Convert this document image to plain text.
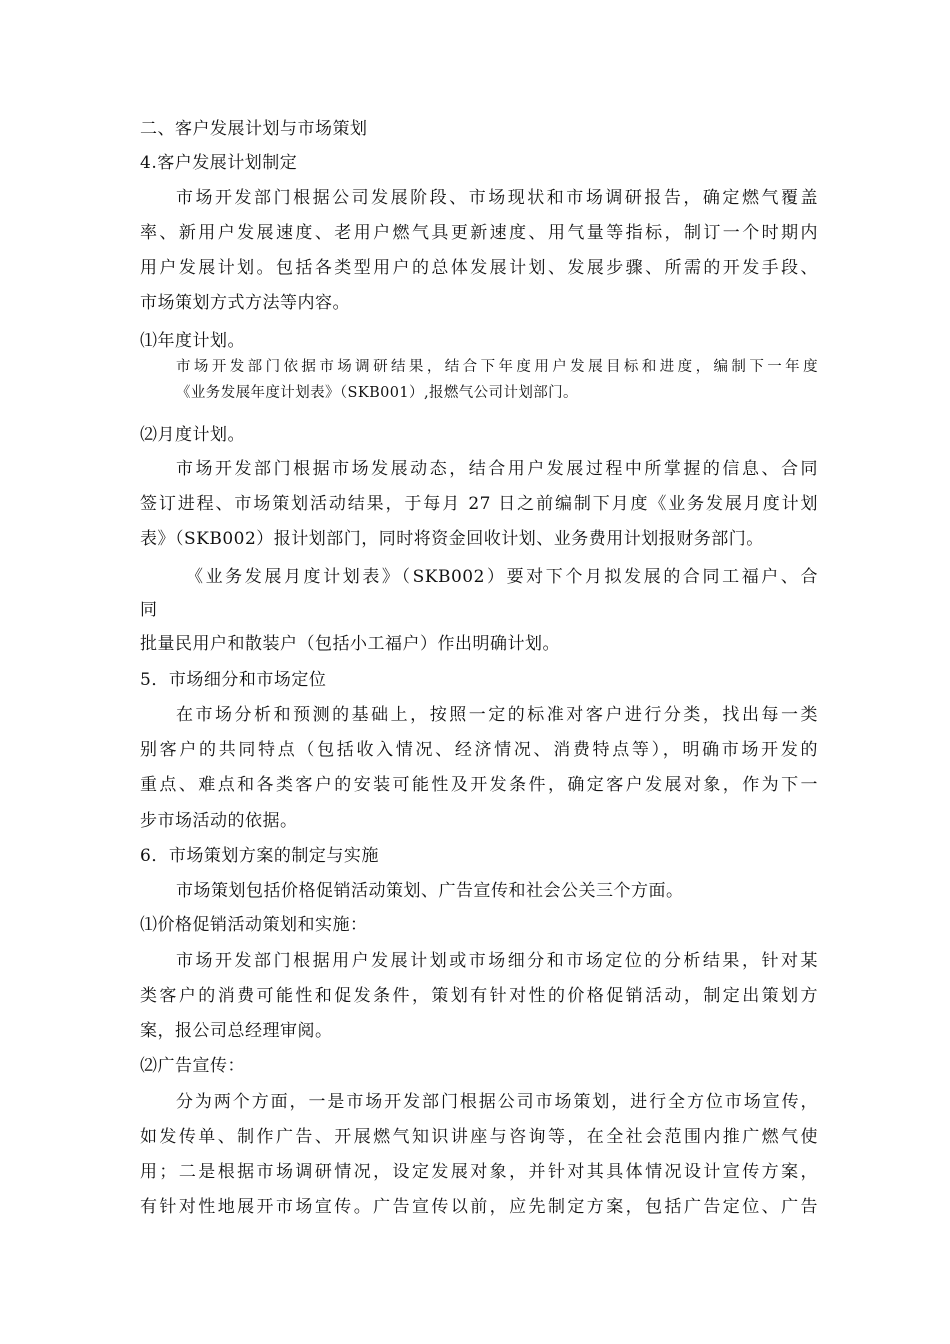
二、客户发展计划与市场策划
4.客户发展计划制定
市场开发部门根据公司发展阶段、市场现状和市场调研报告，确定燃气覆盖
率、新用户发展速度、老用户燃气具更新速度、用气量等指标，制订一个时期内
用户发展计划。包括各类型用户的总体发展计划、发展步骤、所需的开发手段、
市场策划方式方法等内容。
⑴年度计划。
市场开发部门依据市场调研结果，结合下年度用户发展目标和进度，编制下一年度
《业务发展年度计划表》（SKB001）,报燃气公司计划部门。
⑵月度计划。
市场开发部门根据市场发展动态，结合用户发展过程中所掌握的信息、合同
签订进程、市场策划活动结果，于每月 27 日之前编制下月度《业务发展月度计划
表》（SKB002）报计划部门，同时将资金回收计划、业务费用计划报财务部门。
《业务发展月度计划表》（SKB002）要对下个月拟发展的合同工福户、合
同
批量民用户和散装户（包括小工福户）作出明确计划。
5．市场细分和市场定位
在市场分析和预测的基础上，按照一定的标准对客户进行分类，找出每一类
别客户的共同特点（包括收入情况、经济情况、消费特点等），明确市场开发的
重点、难点和各类客户的安装可能性及开发条件，确定客户发展对象，作为下一
步市场活动的依据。
6．市场策划方案的制定与实施
市场策划包括价格促销活动策划、广告宣传和社会公关三个方面。
⑴价格促销活动策划和实施：
市场开发部门根据用户发展计划或市场细分和市场定位的分析结果，针对某
类客户的消费可能性和促发条件，策划有针对性的价格促销活动，制定出策划方
案，报公司总经理审阅。
⑵广告宣传：
分为两个方面，一是市场开发部门根据公司市场策划，进行全方位市场宣传，
如发传单、制作广告、开展燃气知识讲座与咨询等，在全社会范围内推广燃气使
用；二是根据市场调研情况，设定发展对象，并针对其具体情况设计宣传方案，
有针对性地展开市场宣传。广告宣传以前，应先制定方案，包括广告定位、广告
